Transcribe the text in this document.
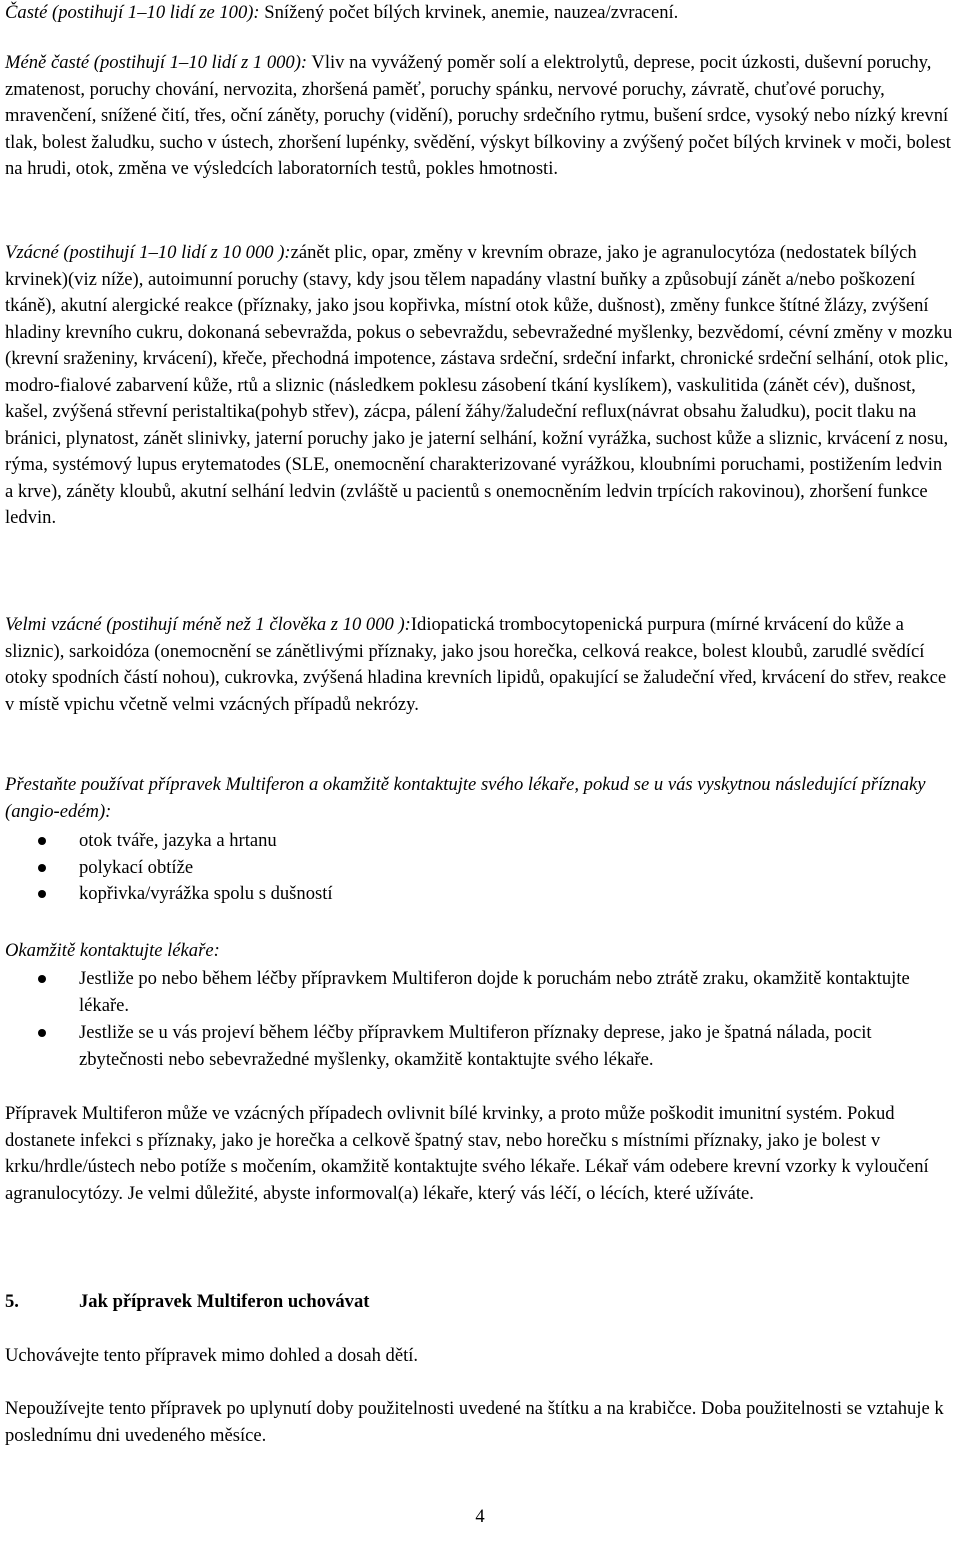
Časté (postihují 1–10 lidí ze 100): Snížený počet bílých krvinek, anemie, nauzea/zvracení.

Méně časté (postihují 1–10 lidí z 1 000): Vliv na vyvážený poměr solí a elektrolytů, deprese, pocit úzkosti, duševní poruchy, zmatenost, poruchy chování, nervozita, zhoršená paměť, poruchy spánku, nervové poruchy, závratě, chuťové poruchy, mravenčení, snížené čití, třes, oční záněty, poruchy (vidění), poruchy srdečního rytmu, bušení srdce, vysoký nebo nízký krevní tlak, bolest žaludku, sucho v ústech, zhoršení lupénky, svědění, výskyt bílkoviny a zvýšený počet bílých krvinek v moči, bolest na hrudi, otok, změna ve výsledcích laboratorních testů, pokles hmotnosti.

Vzácné (postihují 1–10 lidí z 10 000 ):zánět plic, opar, změny v krevním obraze, jako je agranulocytóza (nedostatek bílých krvinek)(viz níže), autoimunní poruchy (stavy, kdy jsou tělem napadány vlastní buňky a způsobují zánět a/nebo poškození tkáně), akutní alergické reakce (příznaky, jako jsou kopřivka, místní otok kůže, dušnost), změny funkce štítné žlázy, zvýšení hladiny krevního cukru, dokonaná sebevražda, pokus o sebevraždu, sebevražedné myšlenky, bezvědomí, cévní změny v mozku (krevní sraženiny, krvácení), křeče, přechodná impotence, zástava srdeční, srdeční infarkt, chronické srdeční selhání, otok plic, modro-fialové zabarvení kůže, rtů a sliznic (následkem poklesu zásobení tkání kyslíkem), vaskulitida (zánět cév), dušnost, kašel, zvýšená střevní peristaltika(pohyb střev), zácpa, pálení žáhy/žaludeční reflux(návrat obsahu žaludku), pocit tlaku na bránici, plynatost, zánět slinivky, jaterní poruchy jako je jaterní selhání, kožní vyrážka, suchost kůže a sliznic, krvácení z nosu, rýma, systémový lupus erytematodes (SLE, onemocnění charakterizované vyrážkou, kloubními poruchami, postižením ledvin a krve), záněty kloubů, akutní selhání ledvin (zvláště u pacientů s onemocněním ledvin trpících rakovinou), zhoršení funkce ledvin.

Velmi vzácné (postihují méně než 1 člověka z 10 000 ):Idiopatická trombocytopenická purpura (mírné krvácení do kůže a sliznic), sarkoidóza (onemocnění se zánětlivými příznaky, jako jsou horečka, celková reakce, bolest kloubů, zarudlé svědící otoky spodních částí nohou), cukrovka, zvýšená hladina krevních lipidů, opakující se žaludeční vřed, krvácení do střev, reakce v místě vpichu včetně velmi vzácných případů nekrózy.

Přestaňte používat přípravek Multiferon a okamžitě kontaktujte svého lékaře, pokud se u vás vyskytnou následující příznaky (angio-edém):

otok tváře, jazyka a hrtanu
polykací obtíže
kopřivka/vyrážka spolu s dušností

Okamžitě kontaktujte lékaře:

Jestliže po nebo během léčby přípravkem Multiferon dojde k poruchám nebo ztrátě zraku, okamžitě kontaktujte lékaře.
Jestliže se u vás projeví během léčby přípravkem Multiferon příznaky deprese, jako je špatná nálada, pocit zbytečnosti nebo sebevražedné myšlenky, okamžitě kontaktujte svého lékaře.

Přípravek Multiferon může ve vzácných případech ovlivnit bílé krvinky, a proto může poškodit imunitní systém. Pokud dostanete infekci s příznaky, jako je horečka a celkově špatný stav, nebo horečku s místními příznaky, jako je bolest v krku/hrdle/ústech nebo potíže s močením, okamžitě kontaktujte svého lékaře. Lékař vám odebere krevní vzorky k vyloučení agranulocytózy. Je velmi důležité, abyste informoval(a) lékaře, který vás léčí, o lécích, které užíváte.

5.	Jak přípravek Multiferon uchovávat

Uchovávejte tento přípravek mimo dohled a dosah dětí.

Nepoužívejte tento přípravek po uplynutí doby použitelnosti uvedené na štítku a na krabičce. Doba použitelnosti se vztahuje k poslednímu dni uvedeného měsíce.

4
